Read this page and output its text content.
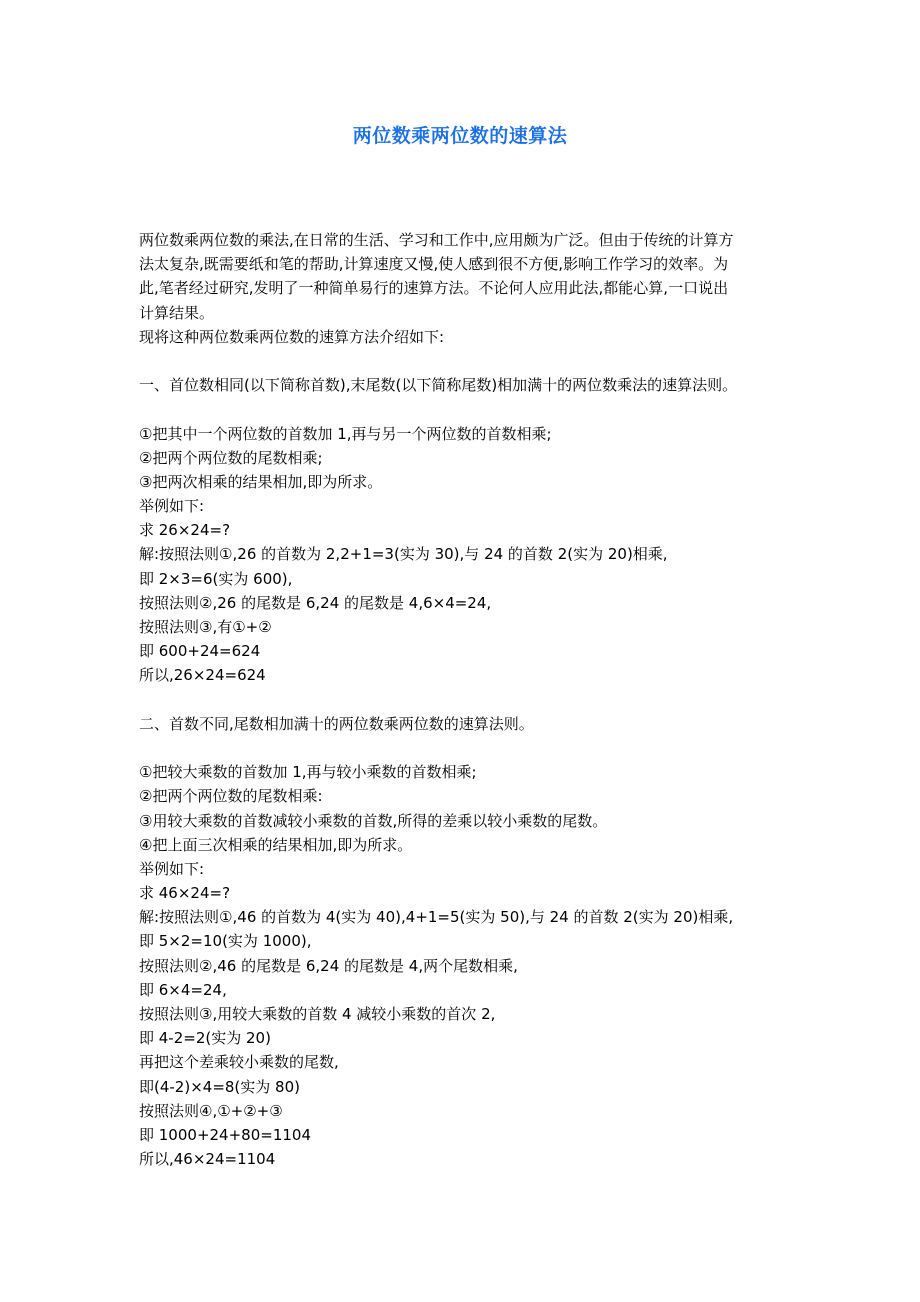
两位数乘两位数的速算法
两位数乘两位数的乘法,在日常的生活、学习和工作中,应用颇为广泛。但由于传统的计算方
法太复杂,既需要纸和笔的帮助,计算速度又慢,使人感到很不方便,影响工作学习的效率。为
此,笔者经过研究,发明了一种简单易行的速算方法。不论何人应用此法,都能心算,一口说出
计算结果。
现将这种两位数乘两位数的速算方法介绍如下:
一、首位数相同(以下简称首数),末尾数(以下简称尾数)相加满十的两位数乘法的速算法则。
①把其中一个两位数的首数加 1,再与另一个两位数的首数相乘;
②把两个两位数的尾数相乘;
③把两次相乘的结果相加,即为所求。
举例如下:
求 26×24=?
解:按照法则①,26 的首数为 2,2+1=3(实为 30),与 24 的首数 2(实为 20)相乘,
即 2×3=6(实为 600),
按照法则②,26 的尾数是 6,24 的尾数是 4,6×4=24,
按照法则③,有①+②
即 600+24=624
所以,26×24=624
二、首数不同,尾数相加满十的两位数乘两位数的速算法则。
①把较大乘数的首数加 1,再与较小乘数的首数相乘;
②把两个两位数的尾数相乘:
③用较大乘数的首数减较小乘数的首数,所得的差乘以较小乘数的尾数。
④把上面三次相乘的结果相加,即为所求。
举例如下:
求 46×24=?
解:按照法则①,46 的首数为 4(实为 40),4+1=5(实为 50),与 24 的首数 2(实为 20)相乘,
即 5×2=10(实为 1000),
按照法则②,46 的尾数是 6,24 的尾数是 4,两个尾数相乘,
即 6×4=24,
按照法则③,用较大乘数的首数 4 减较小乘数的首次 2,
即 4-2=2(实为 20)
再把这个差乘较小乘数的尾数,
即(4-2)×4=8(实为 80)
按照法则④,①+②+③
即 1000+24+80=1104
所以,46×24=1104
